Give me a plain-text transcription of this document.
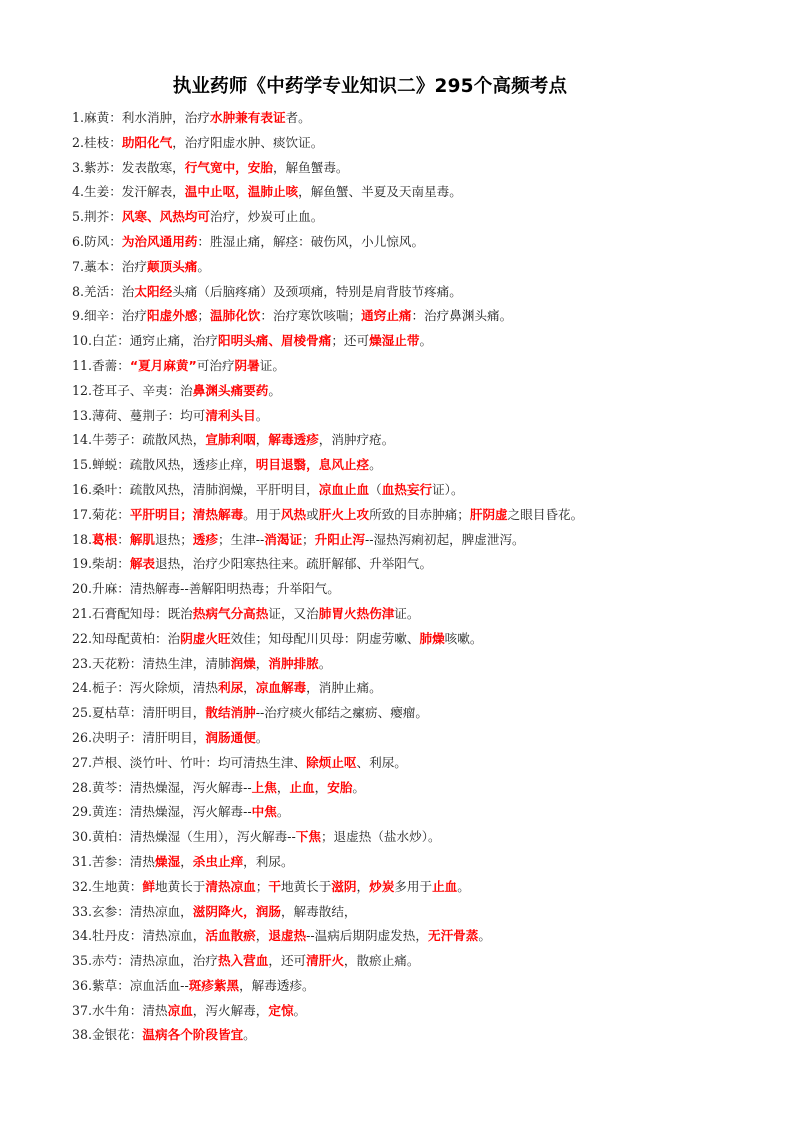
执业药师《中药学专业知识二》295个高频考点
1.麻黄：利水消肿，治疗水肿兼有表证者。
2.桂枝：助阳化气，治疗阳虚水肿、痰饮证。
3.紫苏：发表散寒，行气宽中，安胎，解鱼蟹毒。
4.生姜：发汗解表，温中止呕，温肺止咳，解鱼蟹、半夏及天南星毒。
5.荆芥：风寒、风热均可治疗，炒炭可止血。
6.防风：为治风通用药：胜湿止痛，解痉：破伤风，小儿惊风。
7.藁本：治疗颠顶头痛。
8.羌活：治太阳经头痛（后脑疼痛）及颈项痛，特别是肩背肢节疼痛。
9.细辛：治疗阳虚外感；温肺化饮：治疗寒饮咳喘；通窍止痛：治疗鼻渊头痛。
10.白芷：通窍止痛，治疗阳明头痛、眉棱骨痛；还可燥湿止带。
11.香薷：“夏月麻黄”可治疗阴暑证。
12.苍耳子、辛夷：治鼻渊头痛要药。
13.薄荷、蔓荆子：均可清利头目。
14.牛蒡子：疏散风热，宣肺利咽，解毒透疹，消肿疗疮。
15.蝉蜕：疏散风热，透疹止痒，明目退翳，息风止痉。
16.桑叶：疏散风热，清肺润燥，平肝明目，凉血止血（血热妄行证）。
17.菊花：平肝明目；清热解毒。用于风热或肝火上攻所致的目赤肿痛；肝阴虚之眼目昏花。
18.葛根：解肌退热；透疹；生津--消渴证；升阳止泻--湿热泻痢初起，脾虚泄泻。
19.柴胡：解表退热，治疗少阳寒热往来。疏肝解郁、升举阳气。
20.升麻：清热解毒--善解阳明热毒；升举阳气。
21.石膏配知母：既治热病气分高热证，又治肺胃火热伤津证。
22.知母配黄柏：治阴虚火旺效佳；知母配川贝母：阴虚劳嗽、肺燥咳嗽。
23.天花粉：清热生津，清肺润燥，消肿排脓。
24.栀子：泻火除烦，清热利尿，凉血解毒，消肿止痛。
25.夏枯草：清肝明目，散结消肿--治疗痰火郁结之瘰疬、瘿瘤。
26.决明子：清肝明目，润肠通便。
27.芦根、淡竹叶、竹叶：均可清热生津、除烦止呕、利尿。
28.黄芩：清热燥湿，泻火解毒--上焦，止血，安胎。
29.黄连：清热燥湿，泻火解毒--中焦。
30.黄柏：清热燥湿（生用），泻火解毒--下焦；退虚热（盐水炒）。
31.苦参：清热燥湿，杀虫止痒，利尿。
32.生地黄：鲜地黄长于清热凉血；干地黄长于滋阴，炒炭多用于止血。
33.玄参：清热凉血，滋阴降火，润肠，解毒散结，
34.牡丹皮：清热凉血，活血散瘀，退虚热--温病后期阴虚发热，无汗骨蒸。
35.赤芍：清热凉血，治疗热入营血，还可清肝火，散瘀止痛。
36.紫草：凉血活血--斑疹紫黑，解毒透疹。
37.水牛角：清热凉血，泻火解毒，定惊。
38.金银花：温病各个阶段皆宜。
